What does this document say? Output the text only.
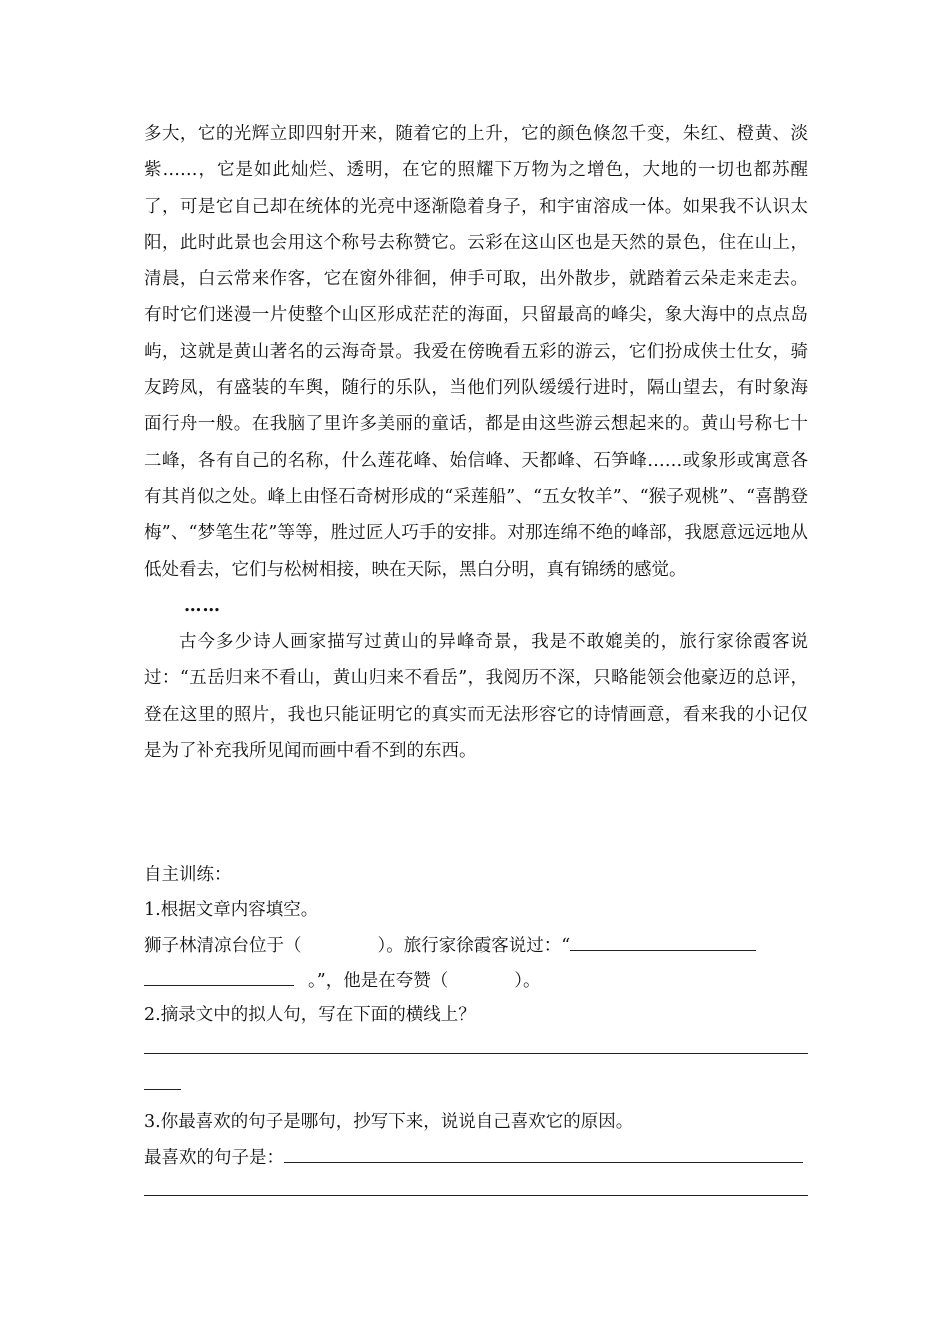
多大，它的光辉立即四射开来，随着它的上升，它的颜色倏忽千变，朱红、橙黄、淡紫……，它是如此灿烂、透明，在它的照耀下万物为之增色，大地的一切也都苏醒了，可是它自己却在统体的光亮中逐渐隐着身子，和宇宙溶成一体。如果我不认识太阳，此时此景也会用这个称号去称赞它。云彩在这山区也是天然的景色，住在山上，清晨，白云常来作客，它在窗外徘徊，伸手可取，出外散步，就踏着云朵走来走去。有时它们迷漫一片使整个山区形成茫茫的海面，只留最高的峰尖，象大海中的点点岛屿，这就是黄山著名的云海奇景。我爱在傍晚看五彩的游云，它们扮成侠士仕女，骑友跨凤，有盛装的车舆，随行的乐队，当他们列队缓缓行进时，隔山望去，有时象海面行舟一般。在我脑了里许多美丽的童话，都是由这些游云想起来的。黄山号称七十二峰，各有自己的名称，什么莲花峰、始信峰、天都峰、石笋峰……或象形或寓意各有其肖似之处。峰上由怪石奇树形成的“采莲船”、“五女牧羊”、“猴子观桃”、“喜鹊登梅”、“梦笔生花”等等，胜过匠人巧手的安排。对那连绵不绝的峰部，我愿意远远地从低处看去，它们与松树相接，映在天际，黑白分明，真有锦绣的感觉。

……

古今多少诗人画家描写过黄山的异峰奇景，我是不敢媲美的，旅行家徐霞客说过：“五岳归来不看山，黄山归来不看岳”，我阅历不深，只略能领会他豪迈的总评，登在这里的照片，我也只能证明它的真实而无法形容它的诗情画意，看来我的小记仅是为了补充我所见闻而画中看不到的东西。

自主训练：
1.根据文章内容填空。
狮子林清凉台位于（	）。旅行家徐霞客说过：“
。”，他是在夸赞（	）。
2.摘录文中的拟人句，写在下面的横线上？
3.你最喜欢的句子是哪句，抄写下来，说说自己喜欢它的原因。
最喜欢的句子是：
